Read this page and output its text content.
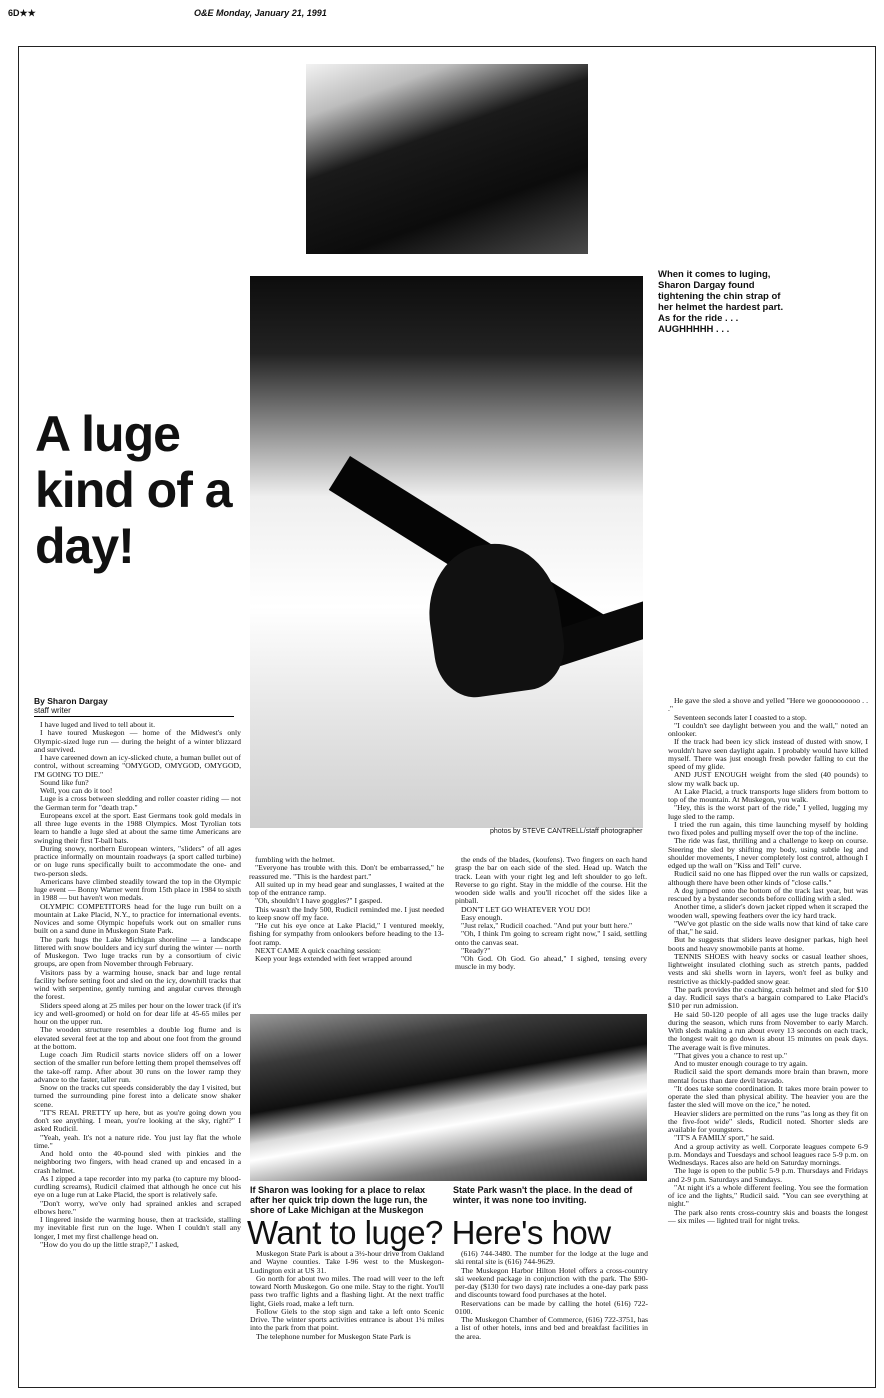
6D★★	O&E Monday, January 21, 1991
photos by STEVE CANTRELL/staff photographer
When it comes to luging, Sharon Dargay found tightening the chin strap of her helmet the hardest part. As for the ride . . . AUGHHHHH . . .
A luge kind of a day!
By Sharon Dargay
staff writer

I have luged and lived to tell about it.

I have toured Muskegon — home of the Midwest's only Olympic-sized luge run — during the height of a winter blizzard and survived.

I have careened down an icy-slicked chute, a human bullet out of control, without screaming "OMYGOD, OMYGOD, OMYGOD, I'M GOING TO DIE."

Sound like fun?

Well, you can do it too!

Luge is a cross between sledding and roller coaster riding — not the German term for "death trap."

Europeans excel at the sport. East Germans took gold medals in all three luge events in the 1988 Olympics. Most Tyrolian tots learn to handle a luge sled at about the same time Americans are swinging their first T-ball bats.

During snowy, northern European winters, "sliders" of all ages practice informally on mountain roadways (a sport called turbine) or on luge runs specifically built to accommodate the one- and two-person sleds.

Americans have climbed steadily toward the top in the Olympic luge event — Bonny Warner went from 15th place in 1984 to sixth in 1988 — but haven't won medals.

OLYMPIC COMPETITORS head for the luge run built on a mountain at Lake Placid, N.Y., to practice for international events. Novices and some Olympic hopefuls work out on smaller runs built on a sand dune in Muskegon State Park.

The park hugs the Lake Michigan shoreline — a landscape littered with snow boulders and icy surf during the winter — north of Muskegon. Two luge tracks run by a consortium of civic groups, are open from November through February.

Visitors pass by a warming house, snack bar and luge rental facility before setting foot and sled on the icy, downhill tracks that wind with serpentine, gently turning and angular curves through the forest.

Sliders speed along at 25 miles per hour on the lower track (if it's icy and well-groomed) or hold on for dear life at 45-65 miles per hour on the upper run.

The wooden structure resembles a double log flume and is elevated several feet at the top and about one foot from the ground at the bottom.

Luge coach Jim Rudicil starts novice sliders off on a lower section of the smaller run before letting them propel themselves off the take-off ramp. After about 30 runs on the lower ramp they advance to the faster, taller run.

Snow on the tracks cut speeds considerably the day I visited, but turned the surrounding pine forest into a delicate snow shaker scene.

"IT'S REAL PRETTY up here, but as you're going down you don't see anything. I mean, you're looking at the sky, right?" I asked Rudicil.

"Yeah, yeah. It's not a nature ride. You just lay flat the whole time."

And hold onto the 40-pound sled with pinkies and the neighboring two fingers, with head craned up and encased in a crash helmet.

As I zipped a tape recorder into my parka (to capture my blood-curdling screams), Rudicil claimed that although he once cut his eye on a luge run at Lake Placid, the sport is relatively safe.

"Don't worry, we've only had sprained ankles and scraped elbows here."

I lingered inside the warming house, then at trackside, stalling my inevitable first run on the luge. When I couldn't stall any longer, I met my first challenge head on.

"How do you do up the little strap?," I asked,

fumbling with the helmet.

"Everyone has trouble with this. Don't be embarrassed," he reassured me. "This is the hardest part."

All suited up in my head gear and sunglasses, I waited at the top of the entrance ramp.

"Oh, shouldn't I have goggles?" I gasped.

This wasn't the Indy 500, Rudicil reminded me. I just needed to keep snow off my face.

"He cut his eye once at Lake Placid," I ventured meekly, fishing for sympathy from onlookers before heading to the 13-foot ramp.

NEXT CAME A quick coaching session:

Keep your legs extended with feet wrapped around

the ends of the blades, (koufens). Two fingers on each hand grasp the bar on each side of the sled. Head up. Watch the track. Lean with your right leg and left shoulder to go left. Reverse to go right. Stay in the middle of the course. Hit the wooden side walls and you'll ricochet off the sides like a pinball.

DON'T LET GO WHATEVER YOU DO!

Easy enough.

"Just relax," Rudicil coached. "And put your butt here."

"Oh, I think I'm going to scream right now," I said, settling onto the canvas seat.

"Ready?"

"Oh God. Oh God. Go ahead," I sighed, tensing every muscle in my body.

He gave the sled a shove and yelled "Here we goooooooooo . . ."

Seventeen seconds later I coasted to a stop.

"I couldn't see daylight between you and the wall," noted an onlooker.

If the track had been icy slick instead of dusted with snow, I wouldn't have seen daylight again. I probably would have killed myself. There was just enough fresh powder falling to cut the speed of my glide.

AND JUST ENOUGH weight from the sled (40 pounds) to slow my walk back up.

At Lake Placid, a truck transports luge sliders from bottom to top of the mountain. At Muskegon, you walk.

"Hey, this is the worst part of the ride," I yelled, lugging my luge sled to the ramp.

I tried the run again, this time launching myself by holding two fixed poles and pulling myself over the top of the incline.

The ride was fast, thrilling and a challenge to keep on course. Steering the sled by shifting my body, using subtle leg and shoulder movements, I never completely lost control, although I edged up the wall on "Kiss and Tell" curve.

Rudicil said no one has flipped over the run walls or capsized, although there have been other kinds of "close calls."

A dog jumped onto the bottom of the track last year, but was rescued by a bystander seconds before colliding with a sled.

Another time, a slider's down jacket ripped when it scraped the wooden wall, spewing feathers over the icy hard track.

"We've got plastic on the side walls now that kind of take care of that," he said.

But he suggests that sliders leave designer parkas, high heel boots and heavy snowmobile pants at home.

TENNIS SHOES with heavy socks or casual leather shoes, lightweight insulated clothing such as stretch pants, padded vests and ski shells worn in layers, won't feel as bulky and restrictive as thickly-padded snow gear.

The park provides the coaching, crash helmet and sled for $10 a day. Rudicil says that's a bargain compared to Lake Placid's $10 per run admission.

He said 50-120 people of all ages use the luge tracks daily during the season, which runs from November to early March. With sleds making a run about every 13 seconds on each track, the longest wait to go down is about 15 minutes on peak days. The average wait is five minutes.

"That gives you a chance to rest up."

And to muster enough courage to try again.

Rudicil said the sport demands more brain than brawn, more mental focus than dare devil bravado.

"It does take some coordination. It takes more brain power to operate the sled than physical ability. The heavier you are the faster the sled will move on the ice," he noted.

Heavier sliders are permitted on the runs "as long as they fit on the five-foot wide" sleds, Rudicil noted. Shorter sleds are available for youngsters.

"IT'S A FAMILY sport," he said.

And a group activity as well. Corporate leagues compete 6-9 p.m. Mondays and Tuesdays and school leagues race 5-9 p.m. on Wednesdays. Races also are held on Saturday mornings.

The luge is open to the public 5-9 p.m. Thursdays and Fridays and 2-9 p.m. Saturdays and Sundays.

"At night it's a whole different feeling. You see the formation of ice and the lights," Rudicil said. "You can see everything at night."

The park also rents cross-country skis and boasts the longest — six miles — lighted trail for night treks.

If Sharon was looking for a place to relax after her quick trip down the luge run, the shore of Lake Michigan at the Muskegon
State Park wasn't the place. In the dead of winter, it was none too inviting.
Want to luge? Here's how

Muskegon State Park is about a 3½-hour drive from Oakland and Wayne counties. Take I-96 west to the Muskegon-Ludington exit at US 31.

Go north for about two miles. The road will veer to the left toward North Muskegon. Go one mile. Stay to the right. You'll pass two traffic lights and a flashing light. At the next traffic light, Giels road, make a left turn.

Follow Giels to the stop sign and take a left onto Scenic Drive. The winter sports activities entrance is about 1¼ miles into the park from that point.

The telephone number for Muskegon State Park is

(616) 744-3480. The number for the lodge at the luge and ski rental site is (616) 744-9629.

The Muskegon Harbor Hilton Hotel offers a cross-country ski weekend package in conjunction with the park. The $90-per-day ($130 for two days) rate includes a one-day park pass and discounts toward food purchases at the hotel.

Reservations can be made by calling the hotel (616) 722-0100.

The Muskegon Chamber of Commerce, (616) 722-3751, has a list of other hotels, inns and bed and breakfast facilities in the area.
